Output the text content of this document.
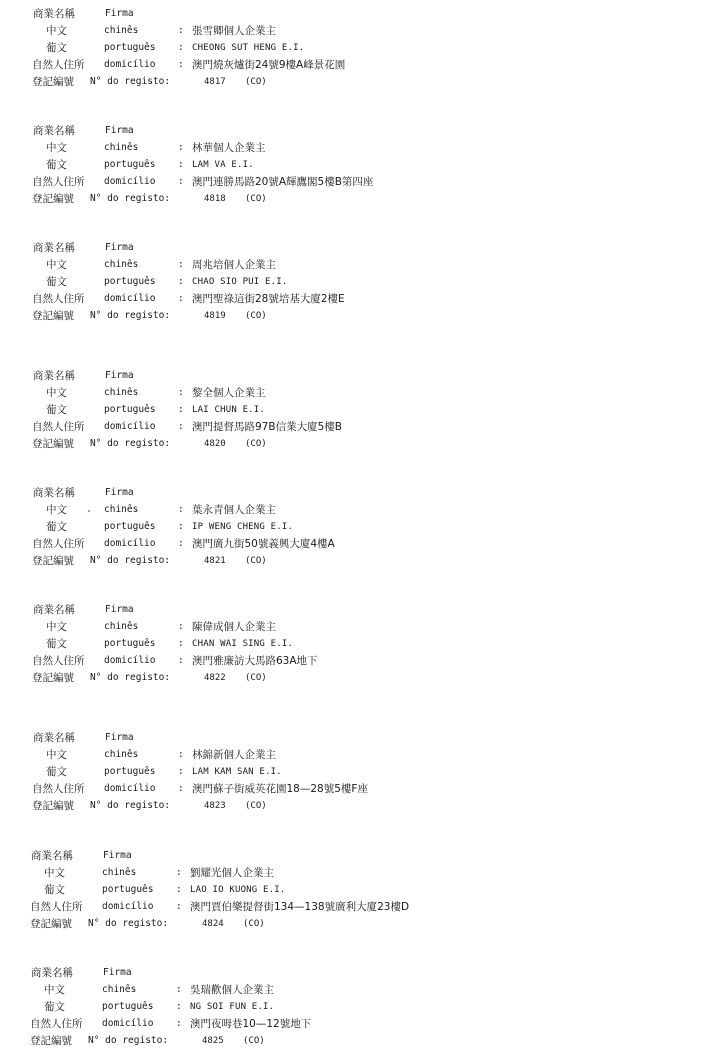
商業名稱	Firma
中文	chinês	: 張雪卿個人企業主
葡文	português : CHEONG SUT HENG E.I.
自然人住所 domicílio : 澳門燒灰爐街24號9樓A峰景花園
登記編號 N° do registo:	4817 (CO)
商業名稱	Firma
中文	chinês	: 林華個人企業主
葡文	português : LAM VA E.I.
自然人住所 domicílio : 澳門連勝馬路20號A輝鷹閣5樓B第四座
登記編號 N° do registo:	4818 (CO)
商業名稱	Firma
中文	chinês	: 周兆培個人企業主
葡文	português : CHAO SIO PUI E.I.
自然人住所 domicílio : 澳門聖祿這街28號培基大廈2樓E
登記編號 N° do registo:	4819 (CO)
商業名稱	Firma
中文	chinês	: 黎全個人企業主
葡文	português : LAI CHUN E.I.
自然人住所 domicílio : 澳門提督馬路97B信業大廈5樓B
登記編號 N° do registo:	4820 (CO)
商業名稱	Firma
中文	chinês	: 葉永青個人企業主
葡文	português : IP WENG CHENG E.I.
自然人住所 domicílio : 澳門廣九街50號義興大廈4樓A
登記編號 N° do registo:	4821 (CO)
商業名稱	Firma
中文	chinês	: 陳偉成個人企業主
葡文	português : CHAN WAI SING E.I.
自然人住所 domicílio : 澳門雅廉訪大馬路63A地下
登記編號 N° do registo:	4822 (CO)
商業名稱	Firma
中文	chinês	: 林錦新個人企業主
葡文	português : LAM KAM SAN E.I.
自然人住所 domicílio : 澳門蘇子街威英花園18—28號5樓F座
登記編號 N° do registo:	4823 (CO)
商業名稱	Firma
中文	chinês	: 劉耀光個人企業主
葡文	português : LAO IO KUONG E.I.
自然人住所 domicílio : 澳門賈伯樂提督街134—138號廣利大廈23樓D
登記編號 N° do registo:	4824 (CO)
商業名稱	Firma
中文	chinês	: 吳瑞歡個人企業主
葡文	português : NG SOI FUN E.I.
自然人住所 domicílio : 澳門夜呣巷10—12號地下
登記編號 N° do registo:	4825 (CO)
